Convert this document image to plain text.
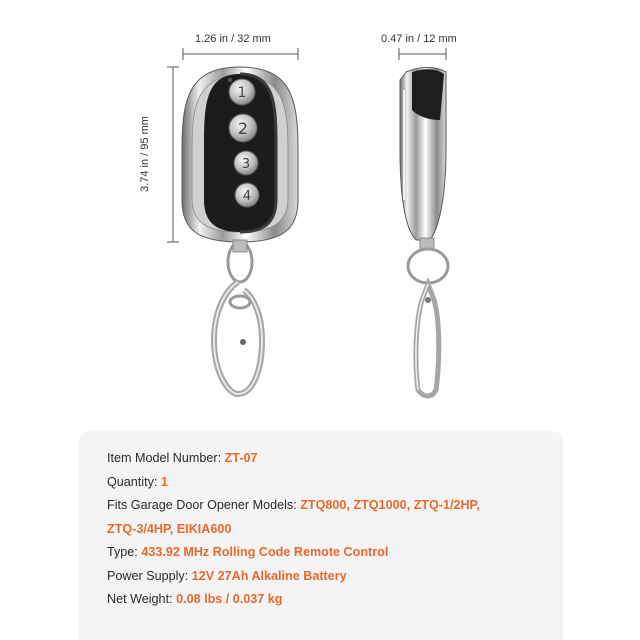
1
2
3
4
1.26 in / 32 mm	0.47 in / 12 mm
3.74 in / 95 mm
Item Model Number: ZT-07
Quantity: 1
Fits Garage Door Opener Models: ZTQ800, ZTQ1000, ZTQ-1/2HP,
ZTQ-3/4HP, EIKIA600
Type: 433.92 MHz Rolling Code Remote Control
Power Supply: 12V 27Ah Alkaline Battery
Net Weight: 0.08 lbs / 0.037 kg
